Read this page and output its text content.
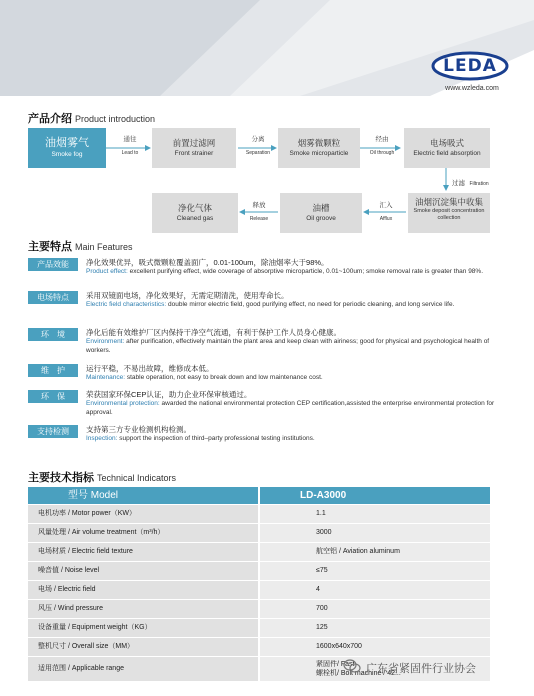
LEDA
www.wzleda.com
产品介绍 Product introduction
油烟雾气
Smoke fog
通往
Lead to
前置过滤网
Front strainer
分离
Separation
烟雾微颗粒
Smoke microparticle
经由
Oil through
电场吸式
Electric field absorption
过滤 Filtration
油烟沉淀集中收集
Smoke deposit concentration collection
汇入
Afflux
油槽
Oil groove
释放
Release
净化气体
Cleaned gas
主要特点 Main Features
产品效能	净化效果优异，吸式微颗粒覆盖面广，0.01-100um，除油烟率大于98%。
Product effect: excellent purifying effect, wide coverage of absorptive microparticle, 0.01~100um; smoke removal rate is greater than 98%.
电场特点	采用双镜面电场，净化效果好，无需定期清洗，使用寿命长。
Electric field characteristics: double mirror electric field, good purifying effect, no need for periodic cleaning, and long service life.
环　境	净化后能有效维护厂区内保持干净空气流通，有利于保护工作人员身心健康。
Environment: after purification, effectively maintain the plant area and keep clean with airiness; good for physical and psychological health of workers.
维　护	运行平稳，不易出故障，维修成本低。
Maintenance: stable operation, not easy to break down and low maintenance cost.
环　保	荣获国家环保CEP认证，助力企业环保审核通过。
Environmental protection: awarded the national environmental protection CEP certification,assisted the enterprise environmental protection for approval.
支持检测	支持第三方专业检测机构检测。
Inspection: support the inspection of third–party professional testing institutions.
主要技术指标 Technical Indicators
型号 Model	LD-A3000
电机功率 / Motor power（KW）	1.1
风量处理 / Air volume treatment（m³/h）	3000
电场材质 / Electric field texture	航空铝 / Aviation aluminum
噪音值 / Noise level	≤75
电场 / Electric field	4
风压 / Wind pressure	700
设备重量 / Equipment weight（KG）	125
整机尺寸 / Overall size（MM）	1600x640x700
适用范围 / Applicable range
紧固件/ Fast
螺栓机/ Bolt machine / 42...
广东省紧固件行业协会
